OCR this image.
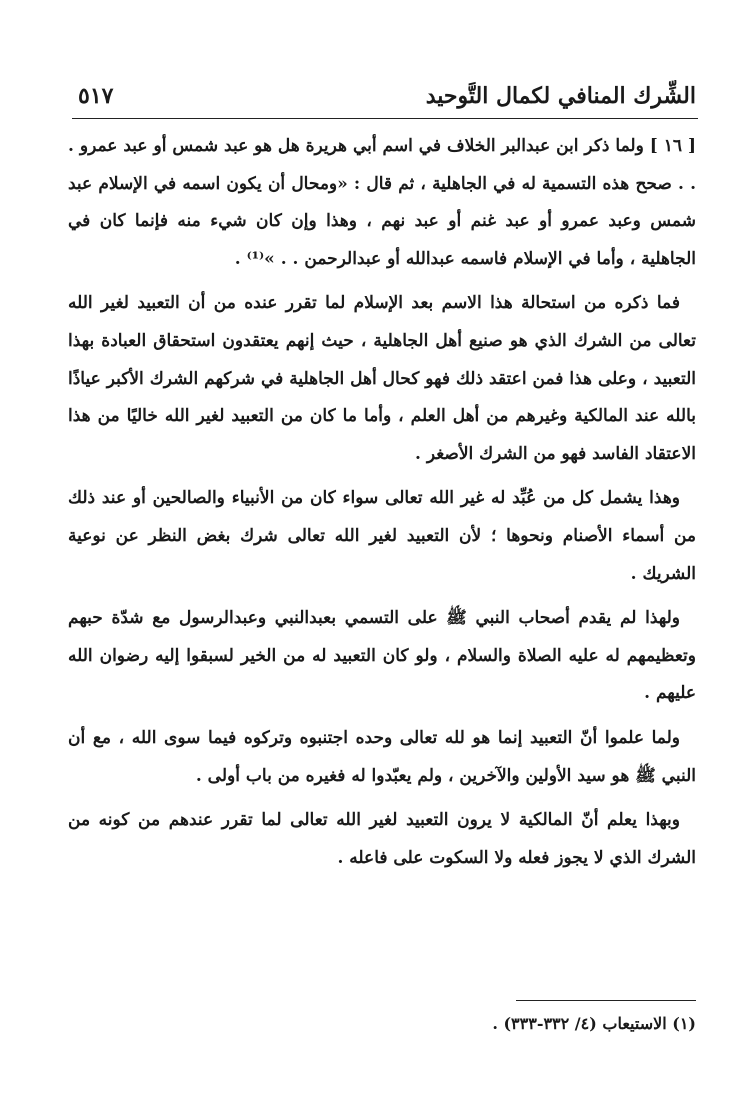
الشِّرك المنافي لكمال التَّوحيد
٥١٧

[ ١٦ ] ولما ذكر ابن عبدالبر الخلاف في اسم أبي هريرة هل هو عبد شمس أو عبد عمرو . . . صحح هذه التسمية له في الجاهلية ، ثم قال : «ومحال أن يكون اسمه في الإسلام عبد شمس وعبد عمرو أو عبد غنم أو عبد نهم ، وهذا وإن كان شيء منه فإنما كان في الجاهلية ، وأما في الإسلام فاسمه عبدالله أو عبدالرحمن . . »⁽¹⁾ .

فما ذكره من استحالة هذا الاسم بعد الإسلام لما تقرر عنده من أن التعبيد لغير الله تعالى من الشرك الذي هو صنيع أهل الجاهلية ، حيث إنهم يعتقدون استحقاق العبادة بهذا التعبيد ، وعلى هذا فمن اعتقد ذلك فهو كحال أهل الجاهلية في شركهم الشرك الأكبر عياذًا بالله عند المالكية وغيرهم من أهل العلم ، وأما ما كان من التعبيد لغير الله خاليًا من هذا الاعتقاد الفاسد فهو من الشرك الأصغر .

وهذا يشمل كل من عُبِّد له غير الله تعالى سواء كان من الأنبياء والصالحين أو عند ذلك من أسماء الأصنام ونحوها ؛ لأن التعبيد لغير الله تعالى شرك بغض النظر عن نوعية الشريك .

ولهذا لم يقدم أصحاب النبي ﷺ على التسمي بعبدالنبي وعبدالرسول مع شدّة حبهم وتعظيمهم له عليه الصلاة والسلام ، ولو كان التعبيد له من الخير لسبقوا إليه رضوان الله عليهم .

ولما علموا أنّ التعبيد إنما هو لله تعالى وحده اجتنبوه وتركوه فيما سوى الله ، مع أن النبي ﷺ هو سيد الأولين والآخرين ، ولم يعبّدوا له فغيره من باب أولى .

وبهذا يعلم أنّ المالكية لا يرون التعبيد لغير الله تعالى لما تقرر عندهم من كونه من الشرك الذي لا يجوز فعله ولا السكوت على فاعله .

(١) الاستيعاب (٤/ ٣٣٢-٣٣٣) .
